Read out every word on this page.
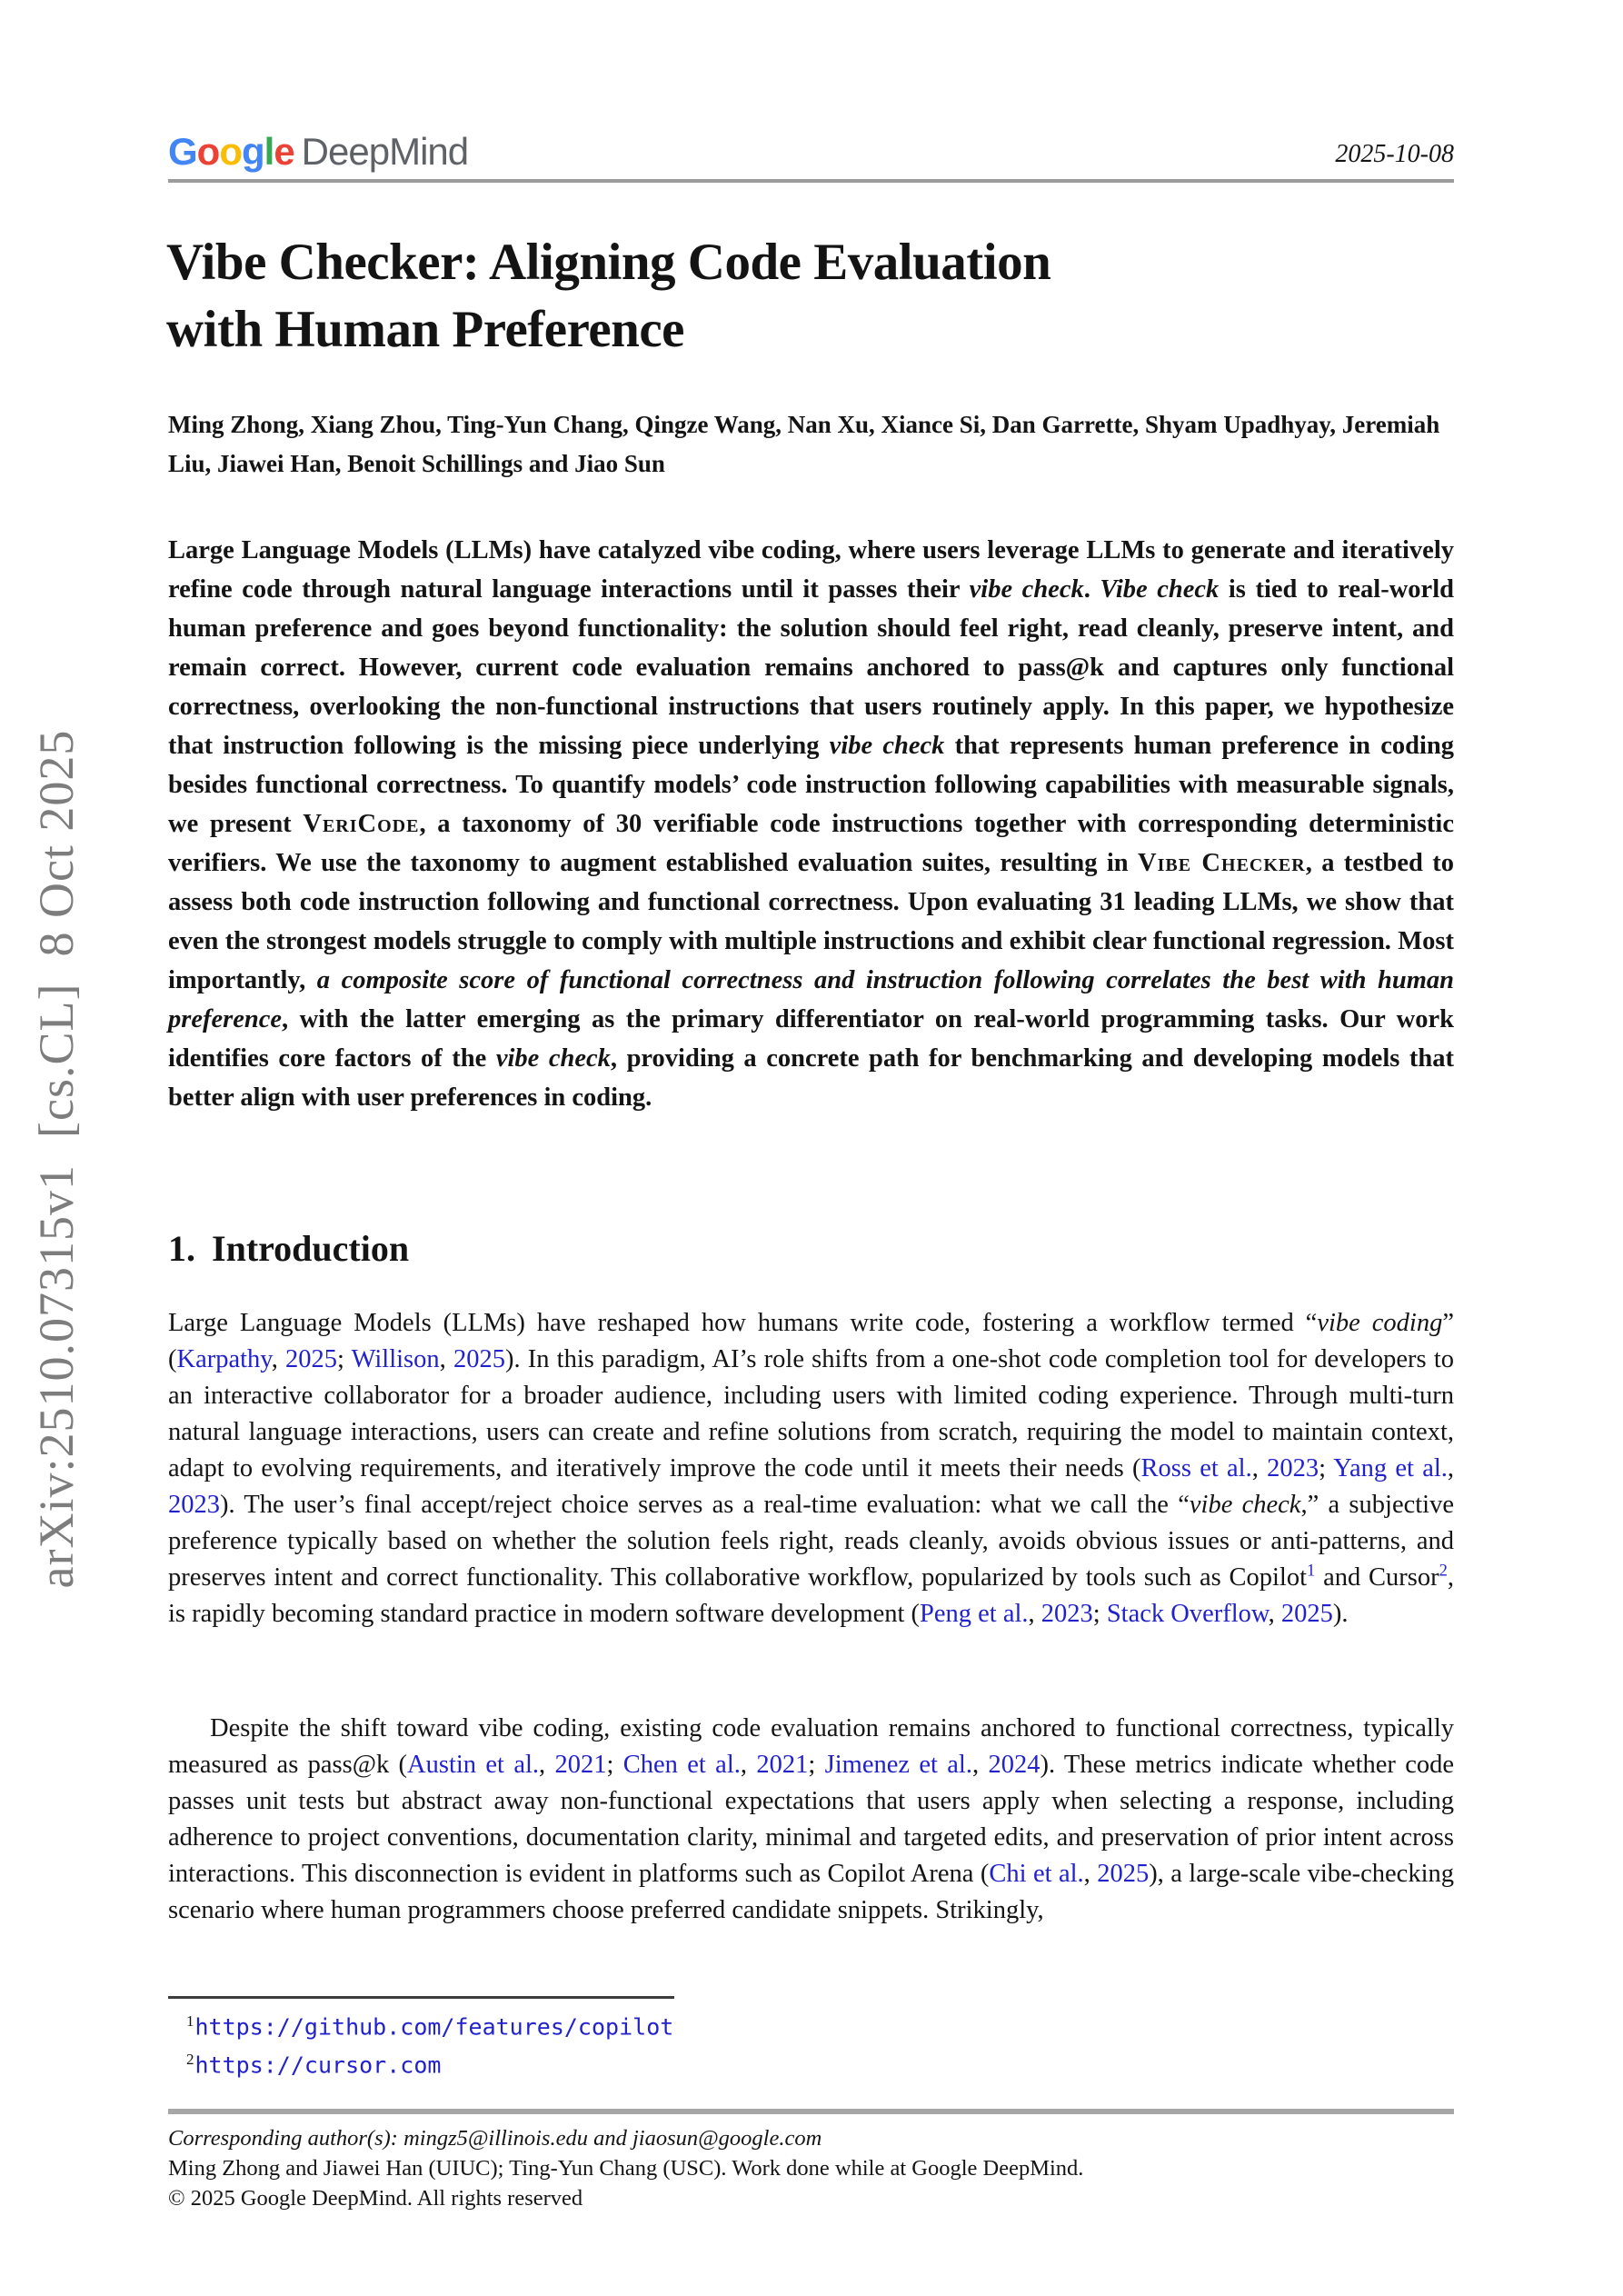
arXiv:2510.07315v1  [cs.CL]  8 Oct 2025
Google DeepMind	2025-10-08
Vibe Checker: Aligning Code Evaluation
with Human Preference
Ming Zhong, Xiang Zhou, Ting-Yun Chang, Qingze Wang, Nan Xu, Xiance Si, Dan Garrette, Shyam Upadhyay, Jeremiah Liu, Jiawei Han, Benoit Schillings and Jiao Sun
Large Language Models (LLMs) have catalyzed vibe coding, where users leverage LLMs to generate and iteratively refine code through natural language interactions until it passes their vibe check. Vibe check is tied to real-world human preference and goes beyond functionality: the solution should feel right, read cleanly, preserve intent, and remain correct. However, current code evaluation remains anchored to pass@k and captures only functional correctness, overlooking the non-functional instructions that users routinely apply. In this paper, we hypothesize that instruction following is the missing piece underlying vibe check that represents human preference in coding besides functional correctness. To quantify models’ code instruction following capabilities with measurable signals, we present VeriCode, a taxonomy of 30 verifiable code instructions together with corresponding deterministic verifiers. We use the taxonomy to augment established evaluation suites, resulting in Vibe Checker, a testbed to assess both code instruction following and functional correctness. Upon evaluating 31 leading LLMs, we show that even the strongest models struggle to comply with multiple instructions and exhibit clear functional regression. Most importantly, a composite score of functional correctness and instruction following correlates the best with human preference, with the latter emerging as the primary differentiator on real-world programming tasks. Our work identifies core factors of the vibe check, providing a concrete path for benchmarking and developing models that better align with user preferences in coding.
1. Introduction
Large Language Models (LLMs) have reshaped how humans write code, fostering a workflow termed “vibe coding” (Karpathy, 2025; Willison, 2025). In this paradigm, AI’s role shifts from a one-shot code completion tool for developers to an interactive collaborator for a broader audience, including users with limited coding experience. Through multi-turn natural language interactions, users can create and refine solutions from scratch, requiring the model to maintain context, adapt to evolving requirements, and iteratively improve the code until it meets their needs (Ross et al., 2023; Yang et al., 2023). The user’s final accept/reject choice serves as a real-time evaluation: what we call the “vibe check,” a subjective preference typically based on whether the solution feels right, reads cleanly, avoids obvious issues or anti-patterns, and preserves intent and correct functionality. This collaborative workflow, popularized by tools such as Copilot$^1$ and Cursor$^2$, is rapidly becoming standard practice in modern software development (Peng et al., 2023; Stack Overflow, 2025).
Despite the shift toward vibe coding, existing code evaluation remains anchored to functional correctness, typically measured as pass@k (Austin et al., 2021; Chen et al., 2021; Jimenez et al., 2024). These metrics indicate whether code passes unit tests but abstract away non-functional expectations that users apply when selecting a response, including adherence to project conventions, documentation clarity, minimal and targeted edits, and preservation of prior intent across interactions. This disconnection is evident in platforms such as Copilot Arena (Chi et al., 2025), a large-scale vibe-checking scenario where human programmers choose preferred candidate snippets. Strikingly,
$^1$https://github.com/features/copilot
$^2$https://cursor.com
Corresponding author(s): mingz5@illinois.edu and jiaosun@google.com
Ming Zhong and Jiawei Han (UIUC); Ting-Yun Chang (USC). Work done while at Google DeepMind.
© 2025 Google DeepMind. All rights reserved
